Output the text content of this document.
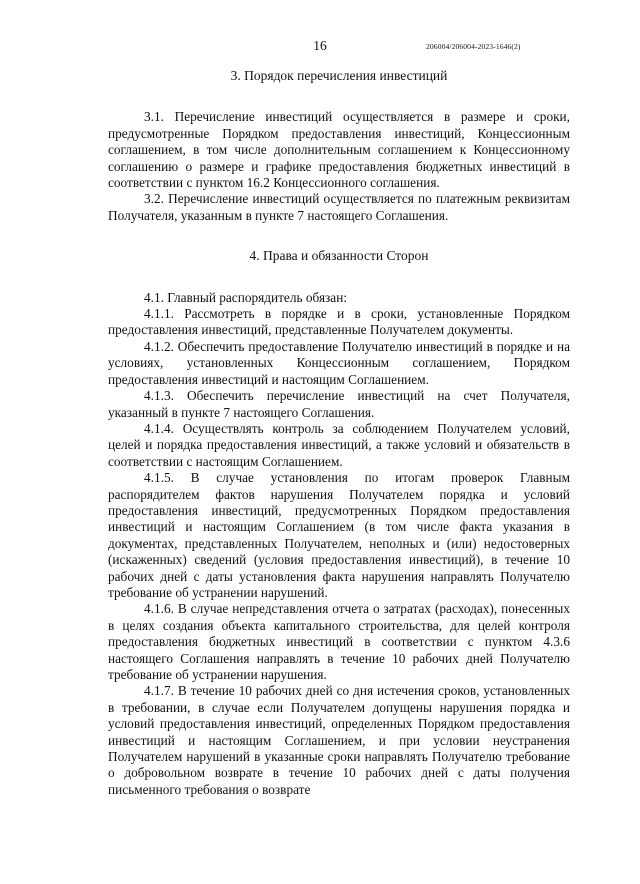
16	206004/206004-2023-1646(2)
3. Порядок перечисления инвестиций

3.1. Перечисление инвестиций осуществляется в размере и сроки, предусмотренные Порядком предоставления инвестиций, Концессионным соглашением, в том числе дополнительным соглашением к Концессионному соглашению о размере и графике предоставления бюджетных инвестиций в соответствии с пунктом 16.2 Концессионного соглашения.

3.2. Перечисление инвестиций осуществляется по платежным реквизитам Получателя, указанным в пункте 7 настоящего Соглашения.

4. Права и обязанности Сторон

4.1. Главный распорядитель обязан:

4.1.1. Рассмотреть в порядке и в сроки, установленные Порядком предоставления инвестиций, представленные Получателем документы.

4.1.2. Обеспечить предоставление Получателю инвестиций в порядке и на условиях, установленных Концессионным соглашением, Порядком предоставления инвестиций и настоящим Соглашением.

4.1.3. Обеспечить перечисление инвестиций на счет Получателя, указанный в пункте 7 настоящего Соглашения.

4.1.4. Осуществлять контроль за соблюдением Получателем условий, целей и порядка предоставления инвестиций, а также условий и обязательств в соответствии с настоящим Соглашением.

4.1.5. В случае установления по итогам проверок Главным распорядителем фактов нарушения Получателем порядка и условий предоставления инвестиций, предусмотренных Порядком предоставления инвестиций и настоящим Соглашением (в том числе факта указания в документах, представленных Получателем, неполных и (или) недостоверных (искаженных) сведений (условия предоставления инвестиций), в течение 10 рабочих дней с даты установления факта нарушения направлять Получателю требование об устранении нарушений.

4.1.6. В случае непредставления отчета о затратах (расходах), понесенных в целях создания объекта капитального строительства, для целей контроля предоставления бюджетных инвестиций в соответствии с пунктом 4.3.6 настоящего Соглашения направлять в течение 10 рабочих дней Получателю требование об устранении нарушения.

4.1.7. В течение 10 рабочих дней со дня истечения сроков, установленных в требовании, в случае если Получателем допущены нарушения порядка и условий предоставления инвестиций, определенных Порядком предоставления инвестиций и настоящим Соглашением, и при условии неустранения Получателем нарушений в указанные сроки направлять Получателю требование о добровольном возврате в течение 10 рабочих дней с даты получения письменного требования о возврате
